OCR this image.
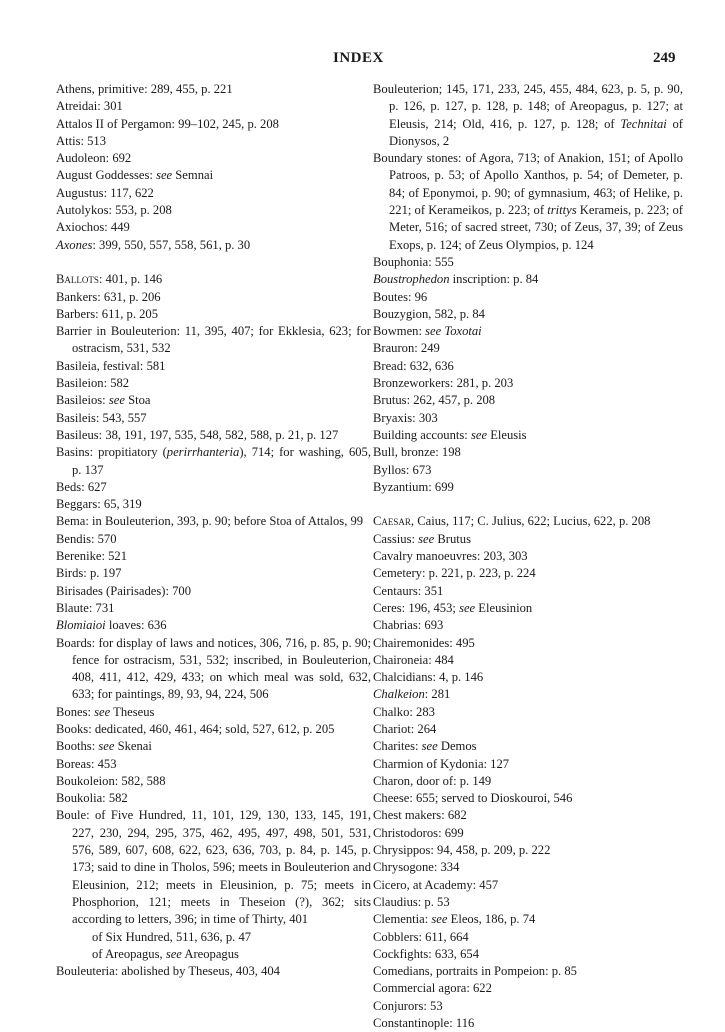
INDEX	249

Athens, primitive: 289, 455, p. 221

Atreidai: 301

Attalos II of Pergamon: 99–102, 245, p. 208

Attis: 513

Audoleon: 692

August Goddesses: see Semnai

Augustus: 117, 622

Autolykos: 553, p. 208

Axiochos: 449

Axones: 399, 550, 557, 558, 561, p. 30

Ballots: 401, p. 146

Bankers: 631, p. 206

Barbers: 611, p. 205

Barrier in Bouleuterion: 11, 395, 407; for Ekklesia, 623; for ostracism, 531, 532

Basileia, festival: 581

Basileion: 582

Basileios: see Stoa

Basileis: 543, 557

Basileus: 38, 191, 197, 535, 548, 582, 588, p. 21, p. 127

Basins: propitiatory (perirrhanteria), 714; for washing, 605, p. 137

Beds: 627

Beggars: 65, 319

Bema: in Bouleuterion, 393, p. 90; before Stoa of Attalos, 99

Bendis: 570

Berenike: 521

Birds: p. 197

Birisades (Pairisades): 700

Blaute: 731

Blomiaioi loaves: 636

Boards: for display of laws and notices, 306, 716, p. 85, p. 90; fence for ostracism, 531, 532; inscribed, in Bouleuterion, 408, 411, 412, 429, 433; on which meal was sold, 632, 633; for paintings, 89, 93, 94, 224, 506

Bones: see Theseus

Books: dedicated, 460, 461, 464; sold, 527, 612, p. 205

Booths: see Skenai

Boreas: 453

Boukoleion: 582, 588

Boukolia: 582

Boule: of Five Hundred, 11, 101, 129, 130, 133, 145, 191, 227, 230, 294, 295, 375, 462, 495, 497, 498, 501, 531, 576, 589, 607, 608, 622, 623, 636, 703, p. 84, p. 145, p. 173; said to dine in Tholos, 596; meets in Bouleuterion and Eleusinion, 212; meets in Eleusinion, p. 75; meets in Phosphorion, 121; meets in Theseion (?), 362; sits according to letters, 396; in time of Thirty, 401

of Six Hundred, 511, 636, p. 47

of Areopagus, see Areopagus

Bouleuteria: abolished by Theseus, 403, 404

Bouleuterion; 145, 171, 233, 245, 455, 484, 623, p. 5, p. 90, p. 126, p. 127, p. 128, p. 148; of Areopagus, p. 127; at Eleusis, 214; Old, 416, p. 127, p. 128; of Technitai of Dionysos, 2

Boundary stones: of Agora, 713; of Anakion, 151; of Apollo Patroos, p. 53; of Apollo Xanthos, p. 54; of Demeter, p. 84; of Eponymoi, p. 90; of gymnasium, 463; of Helike, p. 221; of Kerameikos, p. 223; of trittys Kerameis, p. 223; of Meter, 516; of sacred street, 730; of Zeus, 37, 39; of Zeus Exops, p. 124; of Zeus Olympios, p. 124

Bouphonia: 555

Boustrophedon inscription: p. 84

Boutes: 96

Bouzygion, 582, p. 84

Bowmen: see Toxotai

Brauron: 249

Bread: 632, 636

Bronzeworkers: 281, p. 203

Brutus: 262, 457, p. 208

Bryaxis: 303

Building accounts: see Eleusis

Bull, bronze: 198

Byllos: 673

Byzantium: 699

Caesar, Caius, 117; C. Julius, 622; Lucius, 622, p. 208

Cassius: see Brutus

Cavalry manoeuvres: 203, 303

Cemetery: p. 221, p. 223, p. 224

Centaurs: 351

Ceres: 196, 453; see Eleusinion

Chabrias: 693

Chairemonides: 495

Chaironeia: 484

Chalcidians: 4, p. 146

Chalkeion: 281

Chalko: 283

Chariot: 264

Charites: see Demos

Charmion of Kydonia: 127

Charon, door of: p. 149

Cheese: 655; served to Dioskouroi, 546

Chest makers: 682

Christodoros: 699

Chrysippos: 94, 458, p. 209, p. 222

Chrysogone: 334

Cicero, at Academy: 457

Claudius: p. 53

Clementia: see Eleos, 186, p. 74

Cobblers: 611, 664

Cockfights: 633, 654

Comedians, portraits in Pompeion: p. 85

Commercial agora: 622

Conjurors: 53

Constantinople: 116
